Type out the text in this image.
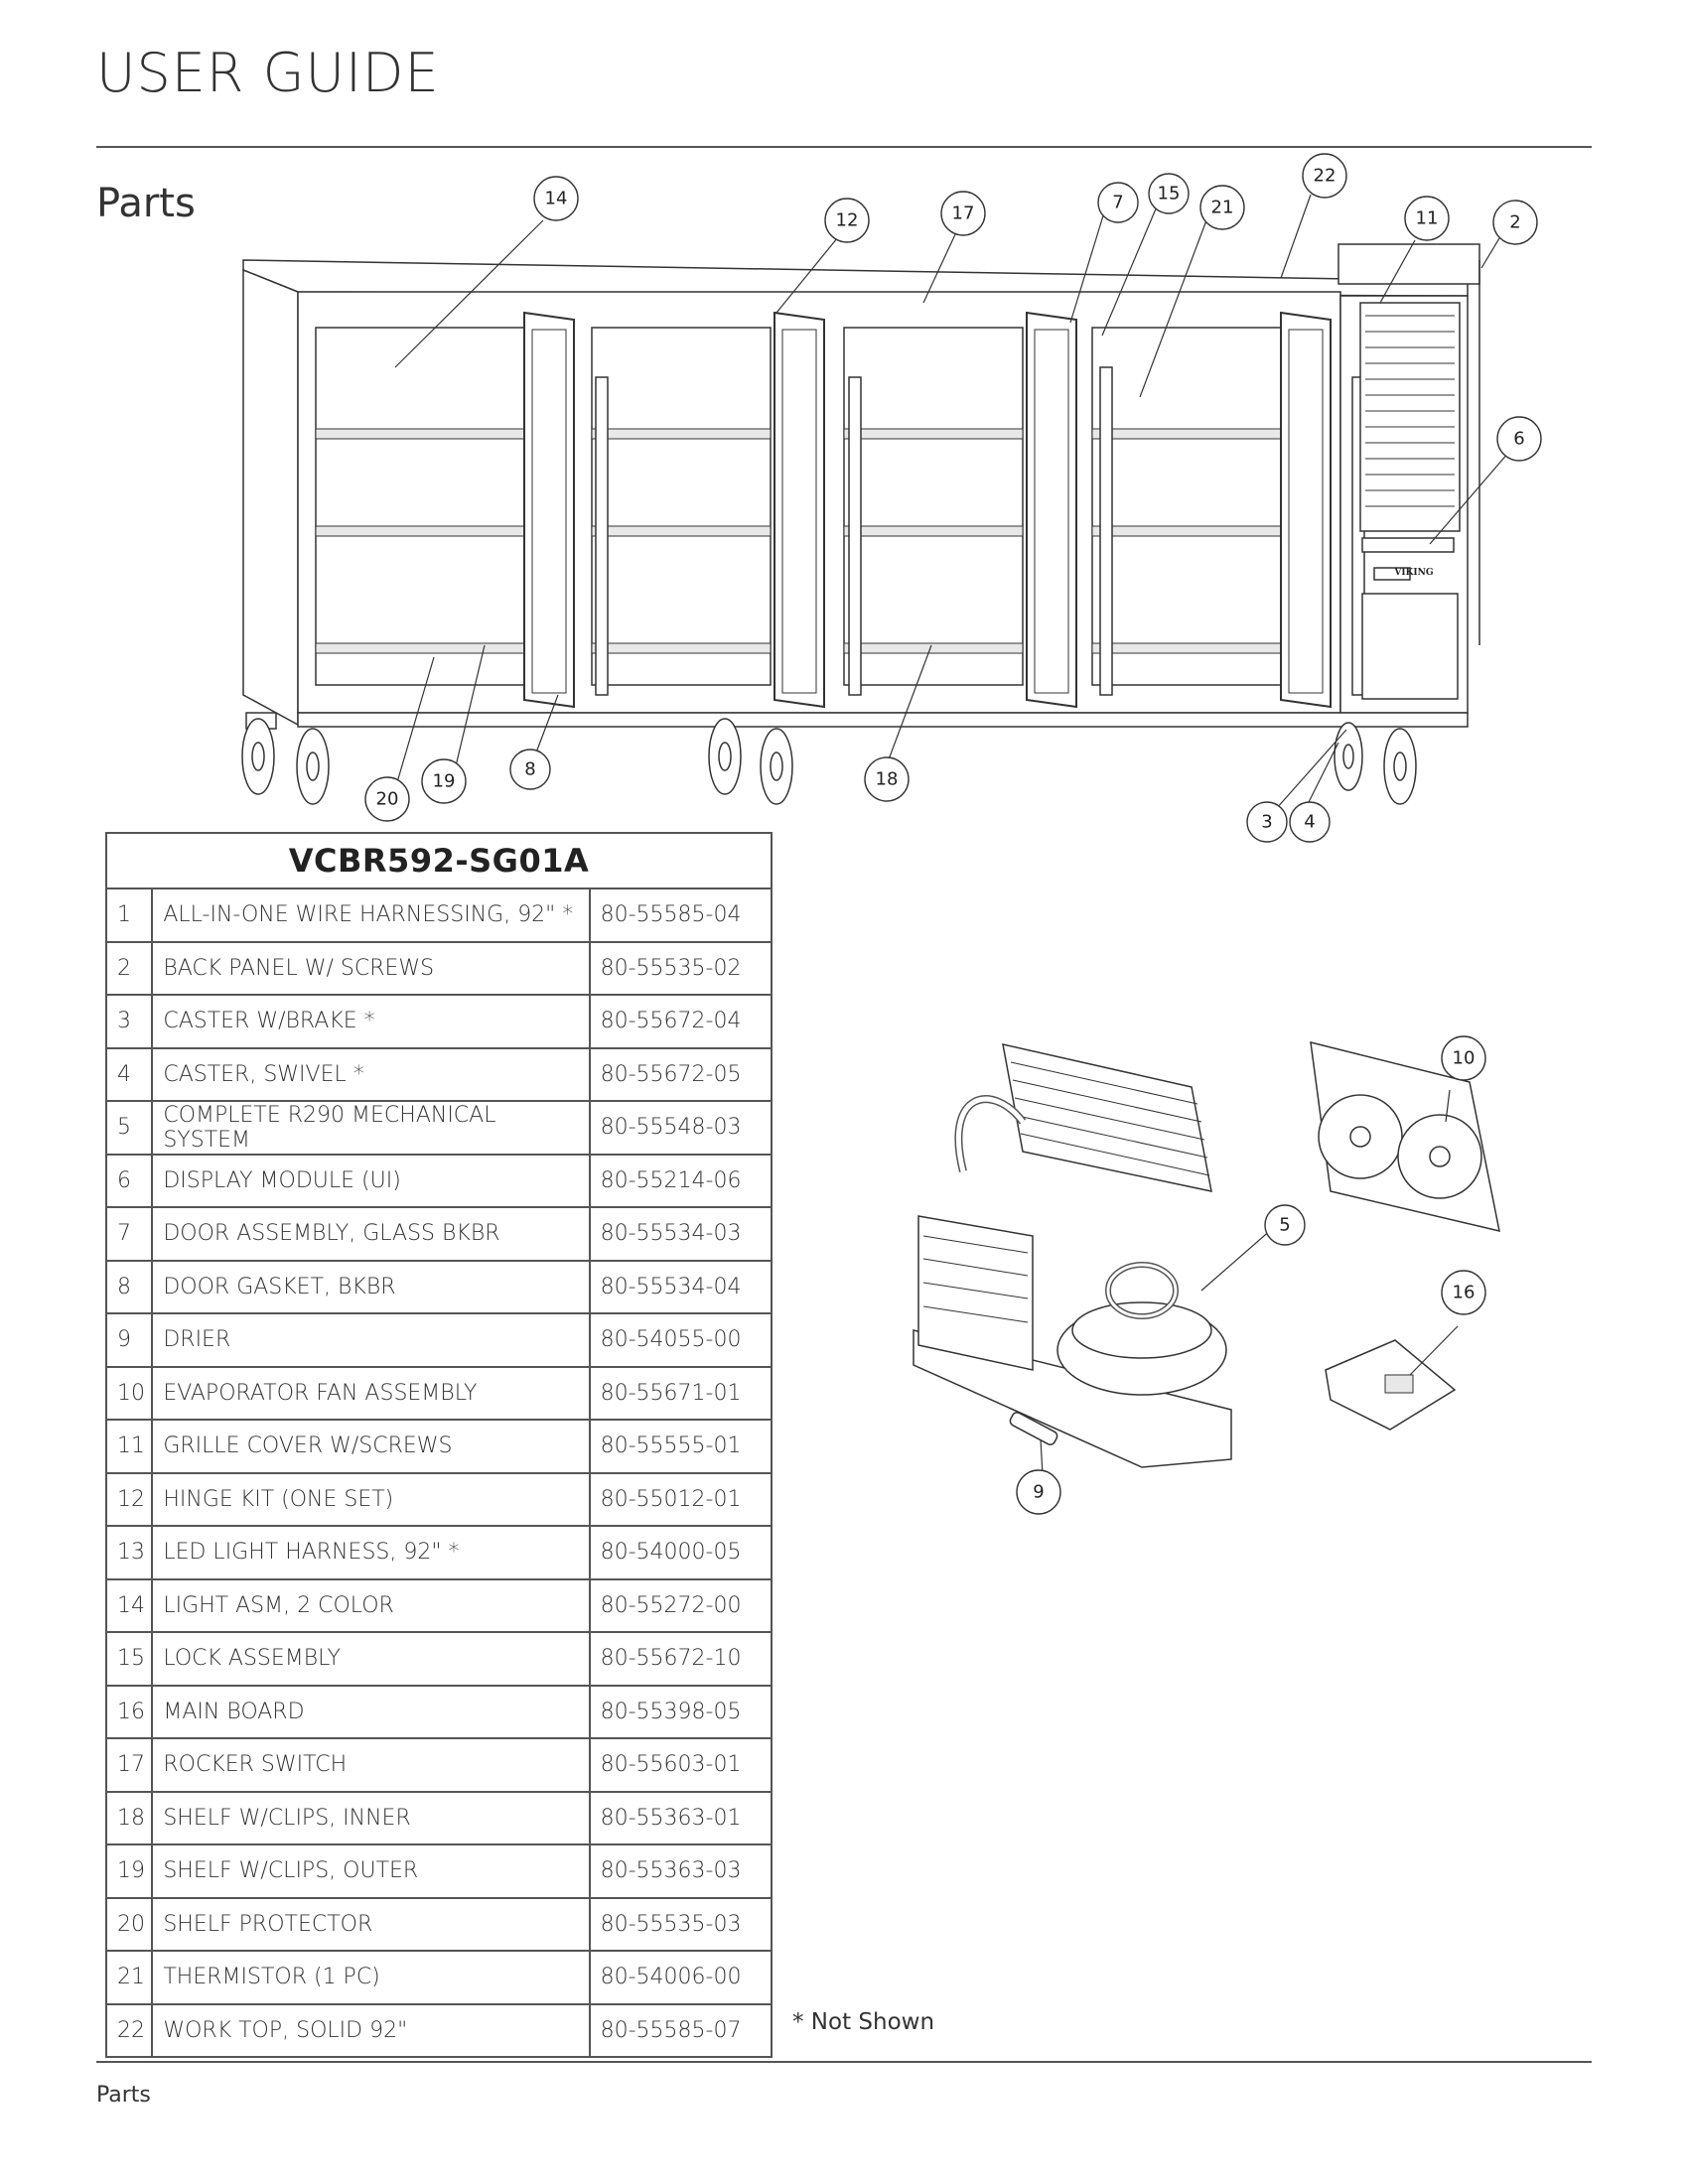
USER GUIDE
Parts
VIKING
14
12	17
7 15
21
22
11	2
6
20
19
8	18
3 4
10
5
16
9
VCBR592-SG01A		
1	ALL-IN-ONE WIRE HARNESSING, 92" *	80-55585-04
2	BACK PANEL W/ SCREWS	80-55535-02
3	CASTER W/BRAKE *	80-55672-04
4	CASTER, SWIVEL *	80-55672-05
5	COMPLETE R290 MECHANICAL SYSTEM	80-55548-03
6	DISPLAY MODULE (UI)	80-55214-06
7	DOOR ASSEMBLY, GLASS BKBR	80-55534-03
8	DOOR GASKET, BKBR	80-55534-04
9	DRIER	80-54055-00
10	EVAPORATOR FAN ASSEMBLY	80-55671-01
11	GRILLE COVER W/SCREWS	80-55555-01
12	HINGE KIT (ONE SET)	80-55012-01
13	LED LIGHT HARNESS, 92" *	80-54000-05
14	LIGHT ASM, 2 COLOR	80-55272-00
15	LOCK ASSEMBLY	80-55672-10
16	MAIN BOARD	80-55398-05
17	ROCKER SWITCH	80-55603-01
18	SHELF W/CLIPS, INNER	80-55363-01
19	SHELF W/CLIPS, OUTER	80-55363-03
20	SHELF PROTECTOR	80-55535-03
21	THERMISTOR (1 PC)	80-54006-00
22	WORK TOP, SOLID 92"	80-55585-07 * Not Shown
Parts
